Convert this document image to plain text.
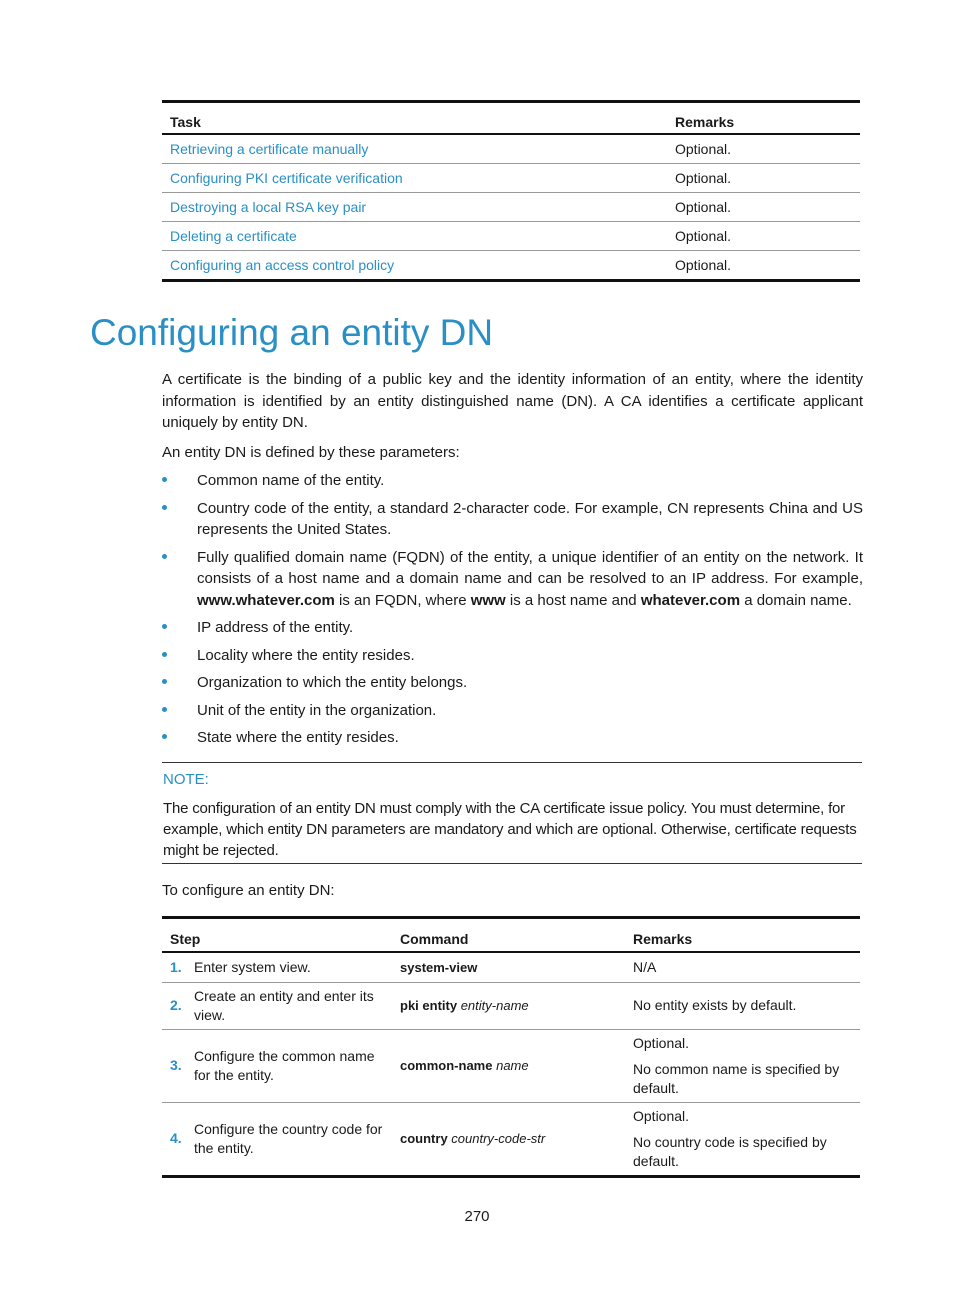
Task	Remarks
Retrieving a certificate manually	Optional.
Configuring PKI certificate verification	Optional.
Destroying a local RSA key pair	Optional.
Deleting a certificate	Optional.
Configuring an access control policy	Optional.
Configuring an entity DN

A certificate is the binding of a public key and the identity information of an entity, where the identity information is identified by an entity distinguished name (DN). A CA identifies a certificate applicant uniquely by entity DN.

An entity DN is defined by these parameters:

Common name of the entity.
Country code of the entity, a standard 2-character code. For example, CN represents China and US represents the United States.
Fully qualified domain name (FQDN) of the entity, a unique identifier of an entity on the network. It consists of a host name and a domain name and can be resolved to an IP address. For example, www.whatever.com is an FQDN, where www is a host name and whatever.com a domain name.
IP address of the entity.
Locality where the entity resides.
Organization to which the entity belongs.
Unit of the entity in the organization.
State where the entity resides.
NOTE:
The configuration of an entity DN must comply with the CA certificate issue policy. You must determine, for example, which entity DN parameters are mandatory and which are optional. Otherwise, certificate requests might be rejected.

To configure an entity DN:

Step		Command	Remarks
1.	Enter system view.	system-view	N/A

2.	Create an entity and enter its view.	pki entity entity-name	No entity exists by default.

3.	Configure the common name for the entity.	common-name name	Optional.

No common name is specified by default.

4.	Configure the country code for the entity.	country country-code-str	Optional.

No country code is specified by default.

270
